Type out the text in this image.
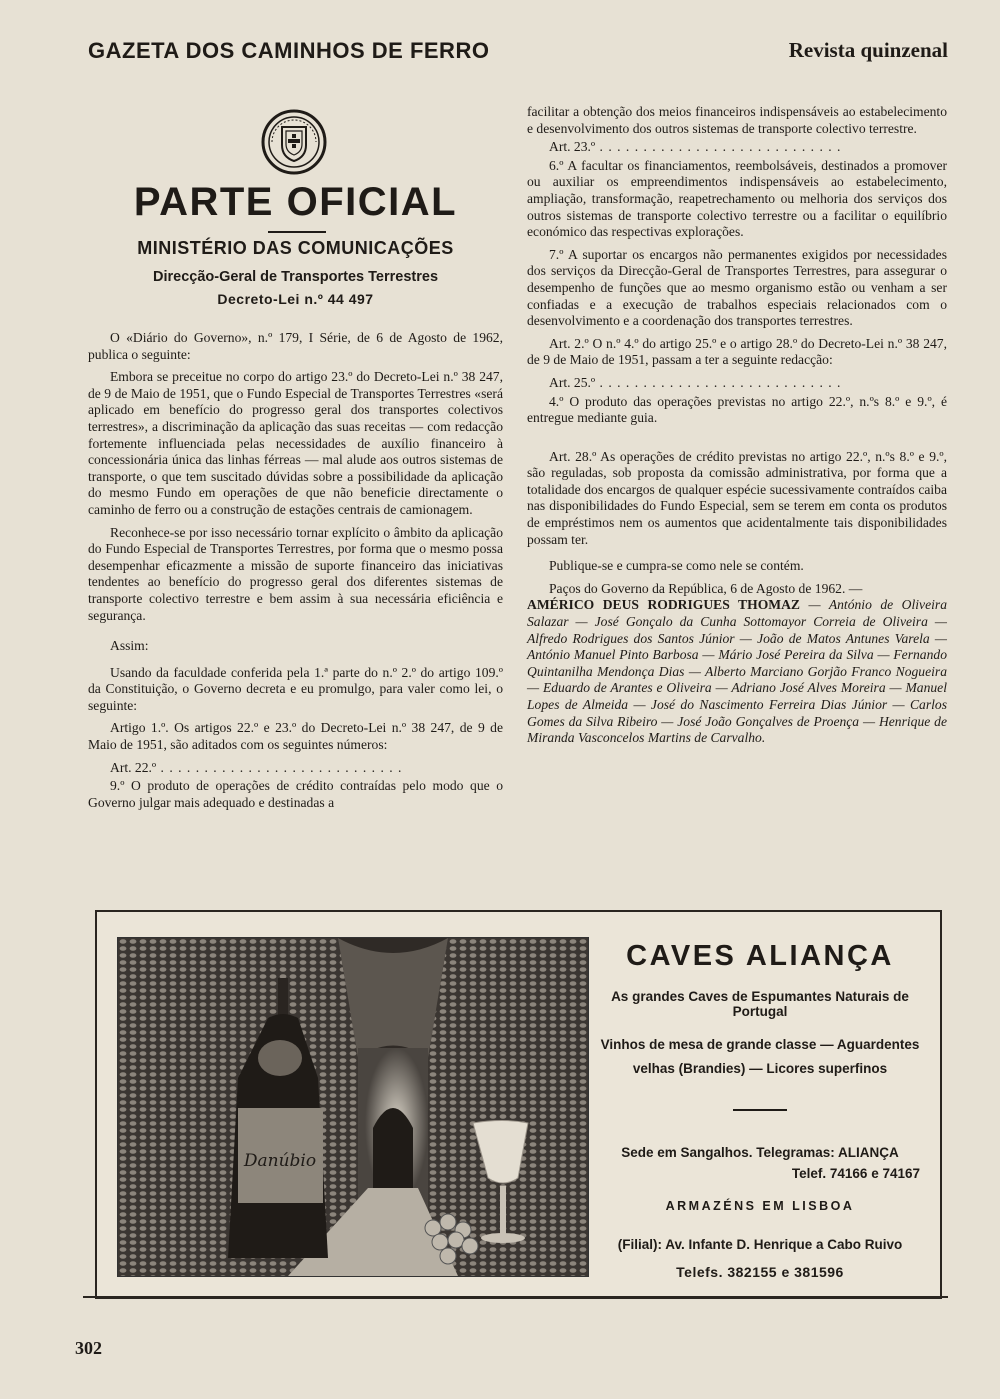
GAZETA DOS CAMINHOS DE FERRO	Revista quinzenal
PARTE OFICIAL
MINISTÉRIO DAS COMUNICAÇÕES
Direcção-Geral de Transportes Terrestres
Decreto-Lei n.º 44 497

O «Diário do Governo», n.º 179, I Série, de 6 de Agosto de 1962, publica o seguinte:

Embora se preceitue no corpo do artigo 23.º do Decreto-Lei n.º 38 247, de 9 de Maio de 1951, que o Fundo Especial de Transportes Terrestres «será aplicado em benefício do progresso geral dos transportes colectivos terrestres», a discriminação da aplicação das suas receitas — com redacção fortemente influenciada pelas necessidades de auxílio financeiro à concessionária única das linhas férreas — mal alude aos outros sistemas de transporte, o que tem suscitado dúvidas sobre a possibilidade da aplicação do mesmo Fundo em operações de que não beneficie directamente o caminho de ferro ou a construção de estações centrais de camionagem.

Reconhece-se por isso necessário tornar explícito o âmbito da aplicação do Fundo Especial de Transportes Terrestres, por forma que o mesmo possa desempenhar eficazmente a missão de suporte financeiro das iniciativas tendentes ao benefício do progresso geral dos diferentes sistemas de transporte colectivo terrestre e bem assim à sua necessária eficiência e segurança.

Assim:

Usando da faculdade conferida pela 1.ª parte do n.º 2.º do artigo 109.º da Constituição, o Governo decreta e eu promulgo, para valer como lei, o seguinte:

Artigo 1.º. Os artigos 22.º e 23.º do Decreto-Lei n.º 38 247, de 9 de Maio de 1951, são aditados com os seguintes números:

Art. 22.º . . .

9.º O produto de operações de crédito contraídas pelo modo que o Governo julgar mais adequado e destinadas a

facilitar a obtenção dos meios financeiros indispensáveis ao estabelecimento e desenvolvimento dos outros sistemas de transporte colectivo terrestre.

Art. 23.º . . .

6.º A facultar os financiamentos, reembolsáveis, destinados a promover ou auxiliar os empreendimentos indispensáveis ao estabelecimento, ampliação, transformação, reapetrechamento ou melhoria dos serviços dos outros sistemas de transporte colectivo terrestre ou a facilitar o equilíbrio económico das respectivas explorações.

7.º A suportar os encargos não permanentes exigidos por necessidades dos serviços da Direcção-Geral de Transportes Terrestres, para assegurar o desempenho de funções que ao mesmo organismo estão ou venham a ser confiadas e a execução de trabalhos especiais relacionados com o desenvolvimento e a coordenação dos transportes terrestres.

Art. 2.º O n.º 4.º do artigo 25.º e o artigo 28.º do Decreto-Lei n.º 38 247, de 9 de Maio de 1951, passam a ter a seguinte redacção:

Art. 25.º . . .

4.º O produto das operações previstas no artigo 22.º, n.ºs 8.º e 9.º, é entregue mediante guia.

Art. 28.º As operações de crédito previstas no artigo 22.º, n.ºs 8.º e 9.º, são reguladas, sob proposta da comissão administrativa, por forma que a totalidade dos encargos de qualquer espécie sucessivamente contraídos caiba nas disponibilidades do Fundo Especial, sem se terem em conta os produtos de empréstimos nem os aumentos que acidentalmente tais disponibilidades possam ter.

Publique-se e cumpra-se como nele se contém.

Paços do Governo da República, 6 de Agosto de 1962. —

AMÉRICO DEUS RODRIGUES THOMAZ — António de Oliveira Salazar — José Gonçalo da Cunha Sottomayor Correia de Oliveira — Alfredo Rodrigues dos Santos Júnior — João de Matos Antunes Varela — António Manuel Pinto Barbosa — Mário José Pereira da Silva — Fernando Quintanilha Mendonça Dias — Alberto Marciano Gorjão Franco Nogueira — Eduardo de Arantes e Oliveira — Adriano José Alves Moreira — Manuel Lopes de Almeida — José do Nascimento Ferreira Dias Júnior — Carlos Gomes da Silva Ribeiro — José João Gonçalves de Proença — Henrique de Miranda Vasconcelos Martins de Carvalho.

Danúbio
CAVES ALIANÇA
As grandes Caves de Espumantes Naturais de Portugal
Vinhos de mesa de grande classe — Aguardentes velhas (Brandies) — Licores superfinos
Sede em Sangalhos. Telegramas: ALIANÇA
Telef. 74166 e 74167
ARMAZÉNS EM LISBOA
(Filial): Av. Infante D. Henrique a Cabo Ruivo
Telefs. 382155 e 381596
302
